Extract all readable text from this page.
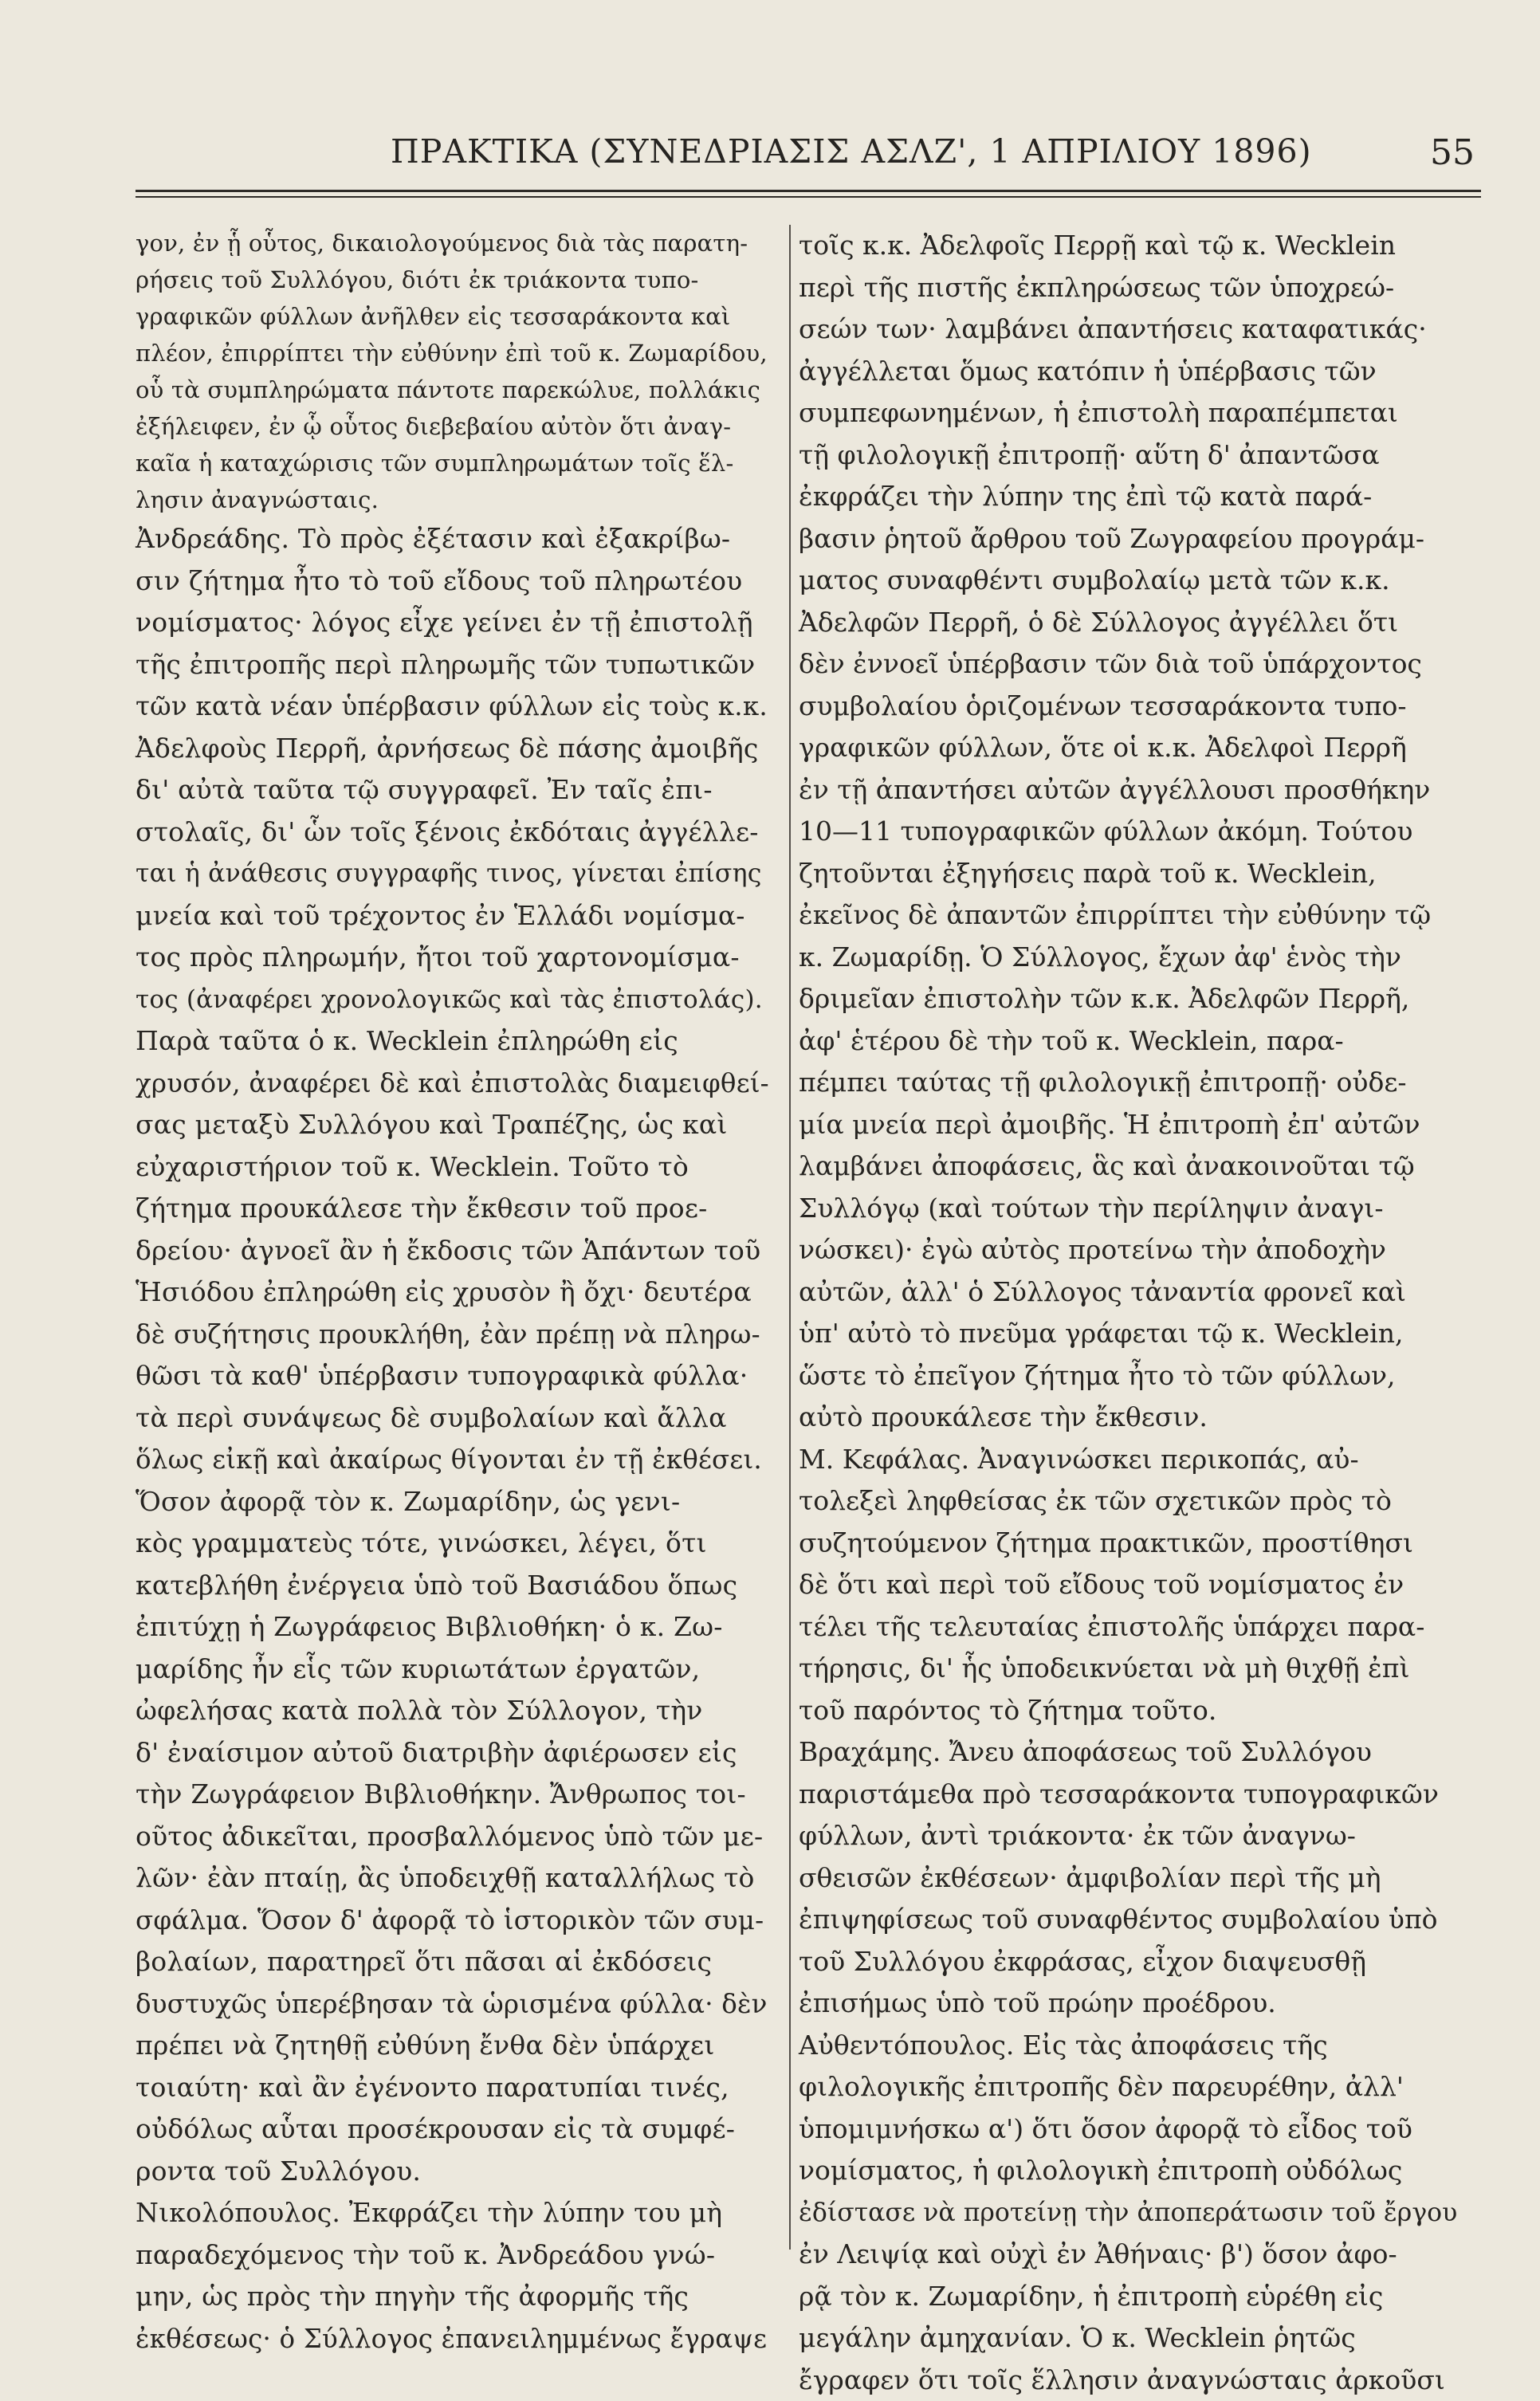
ΠΡΑΚΤΙΚΑ (ΣΥΝΕΔΡΙΑΣΙΣ ΑΣΛΖ', 1 ΑΠΡΙΛΙΟΥ 1896)	55
γον, ἐν ᾗ οὗτος, δικαιολογούμενος διὰ τὰς παρατη-
ρήσεις τοῦ Συλλόγου, διότι ἐκ τριάκοντα τυπο-
γραφικῶν φύλλων ἀνῆλθεν εἰς τεσσαράκοντα καὶ
πλέον, ἐπιρρίπτει τὴν εὐθύνην ἐπὶ τοῦ κ. Ζωμαρίδου,
οὗ τὰ συμπληρώματα πάντοτε παρεκώλυε, πολλάκις
ἐξήλειφεν, ἐν ᾧ οὗτος διεβεβαίου αὐτὸν ὅτι ἀναγ-
καῖα ἡ καταχώρισις τῶν συμπληρωμάτων τοῖς ἕλ-
λησιν ἀναγνώσταις.
Ἀνδρεάδης. Τὸ πρὸς ἐξέτασιν καὶ ἐξακρίβω-
σιν ζήτημα ἦτο τὸ τοῦ εἴδους τοῦ πληρωτέου
νομίσματος· λόγος εἶχε γείνει ἐν τῇ ἐπιστολῇ
τῆς ἐπιτροπῆς περὶ πληρωμῆς τῶν τυπωτικῶν
τῶν κατὰ νέαν ὑπέρβασιν φύλλων εἰς τοὺς κ.κ.
Ἀδελφοὺς Περρῆ, ἀρνήσεως δὲ πάσης ἀμοιβῆς
δι' αὐτὰ ταῦτα τῷ συγγραφεῖ. Ἐν ταῖς ἐπι-
στολαῖς, δι' ὧν τοῖς ξένοις ἐκδόταις ἀγγέλλε-
ται ἡ ἀνάθεσις συγγραφῆς τινος, γίνεται ἐπίσης
μνεία καὶ τοῦ τρέχοντος ἐν Ἑλλάδι νομίσμα-
τος πρὸς πληρωμήν, ἤτοι τοῦ χαρτονομίσμα-
τος (ἀναφέρει χρονολογικῶς καὶ τὰς ἐπιστολάς).
Παρὰ ταῦτα ὁ κ. Wecklein ἐπληρώθη εἰς
χρυσόν, ἀναφέρει δὲ καὶ ἐπιστολὰς διαμειφθεί-
σας μεταξὺ Συλλόγου καὶ Τραπέζης, ὡς καὶ
εὐχαριστήριον τοῦ κ. Wecklein. Τοῦτο τὸ
ζήτημα προυκάλεσε τὴν ἔκθεσιν τοῦ προε-
δρείου· ἀγνοεῖ ἂν ἡ ἔκδοσις τῶν Ἁπάντων τοῦ
Ἡσιόδου ἐπληρώθη εἰς χρυσὸν ἢ ὄχι· δευτέρα
δὲ συζήτησις προυκλήθη, ἐὰν πρέπῃ νὰ πληρω-
θῶσι τὰ καθ' ὑπέρβασιν τυπογραφικὰ φύλλα·
τὰ περὶ συνάψεως δὲ συμβολαίων καὶ ἄλλα
ὅλως εἰκῇ καὶ ἀκαίρως θίγονται ἐν τῇ ἐκθέσει.
Ὅσον ἀφορᾷ τὸν κ. Ζωμαρίδην, ὡς γενι-
κὸς γραμματεὺς τότε, γινώσκει, λέγει, ὅτι
κατεβλήθη ἐνέργεια ὑπὸ τοῦ Βασιάδου ὅπως
ἐπιτύχῃ ἡ Ζωγράφειος Βιβλιοθήκη· ὁ κ. Ζω-
μαρίδης ἦν εἷς τῶν κυριωτάτων ἐργατῶν,
ὠφελήσας κατὰ πολλὰ τὸν Σύλλογον, τὴν
δ' ἐναίσιμον αὐτοῦ διατριβὴν ἀφιέρωσεν εἰς
τὴν Ζωγράφειον Βιβλιοθήκην. Ἄνθρωπος τοι-
οῦτος ἀδικεῖται, προσβαλλόμενος ὑπὸ τῶν με-
λῶν· ἐὰν πταίῃ, ἂς ὑποδειχθῇ καταλλήλως τὸ
σφάλμα. Ὅσον δ' ἀφορᾷ τὸ ἱστορικὸν τῶν συμ-
βολαίων, παρατηρεῖ ὅτι πᾶσαι αἱ ἐκδόσεις
δυστυχῶς ὑπερέβησαν τὰ ὡρισμένα φύλλα· δὲν
πρέπει νὰ ζητηθῇ εὐθύνη ἔνθα δὲν ὑπάρχει
τοιαύτη· καὶ ἂν ἐγένοντο παρατυπίαι τινές,
οὐδόλως αὗται προσέκρουσαν εἰς τὰ συμφέ-
ροντα τοῦ Συλλόγου.
Νικολόπουλος. Ἐκφράζει τὴν λύπην του μὴ
παραδεχόμενος τὴν τοῦ κ. Ἀνδρεάδου γνώ-
μην, ὡς πρὸς τὴν πηγὴν τῆς ἀφορμῆς τῆς
ἐκθέσεως· ὁ Σύλλογος ἐπανειλημμένως ἔγραψε
τοῖς κ.κ. Ἀδελφοῖς Περρῇ καὶ τῷ κ. Wecklein
περὶ τῆς πιστῆς ἐκπληρώσεως τῶν ὑποχρεώ-
σεών των· λαμβάνει ἀπαντήσεις καταφατικάς·
ἀγγέλλεται ὅμως κατόπιν ἡ ὑπέρβασις τῶν
συμπεφωνημένων, ἡ ἐπιστολὴ παραπέμπεται
τῇ φιλολογικῇ ἐπιτροπῇ· αὕτη δ' ἀπαντῶσα
ἐκφράζει τὴν λύπην της ἐπὶ τῷ κατὰ παρά-
βασιν ῥητοῦ ἄρθρου τοῦ Ζωγραφείου προγράμ-
ματος συναφθέντι συμβολαίῳ μετὰ τῶν κ.κ.
Ἀδελφῶν Περρῆ, ὁ δὲ Σύλλογος ἀγγέλλει ὅτι
δὲν ἐννοεῖ ὑπέρβασιν τῶν διὰ τοῦ ὑπάρχοντος
συμβολαίου ὁριζομένων τεσσαράκοντα τυπο-
γραφικῶν φύλλων, ὅτε οἱ κ.κ. Ἀδελφοὶ Περρῆ
ἐν τῇ ἀπαντήσει αὐτῶν ἀγγέλλουσι προσθήκην
10—11 τυπογραφικῶν φύλλων ἀκόμη. Τούτου
ζητοῦνται ἐξηγήσεις παρὰ τοῦ κ. Wecklein,
ἐκεῖνος δὲ ἀπαντῶν ἐπιρρίπτει τὴν εὐθύνην τῷ
κ. Ζωμαρίδῃ. Ὁ Σύλλογος, ἔχων ἀφ' ἑνὸς τὴν
δριμεῖαν ἐπιστολὴν τῶν κ.κ. Ἀδελφῶν Περρῆ,
ἀφ' ἑτέρου δὲ τὴν τοῦ κ. Wecklein, παρα-
πέμπει ταύτας τῇ φιλολογικῇ ἐπιτροπῇ· οὐδε-
μία μνεία περὶ ἀμοιβῆς. Ἡ ἐπιτροπὴ ἐπ' αὐτῶν
λαμβάνει ἀποφάσεις, ἃς καὶ ἀνακοινοῦται τῷ
Συλλόγῳ (καὶ τούτων τὴν περίληψιν ἀναγι-
νώσκει)· ἐγὼ αὐτὸς προτείνω τὴν ἀποδοχὴν
αὐτῶν, ἀλλ' ὁ Σύλλογος τἀναντία φρονεῖ καὶ
ὑπ' αὐτὸ τὸ πνεῦμα γράφεται τῷ κ. Wecklein,
ὥστε τὸ ἐπεῖγον ζήτημα ἦτο τὸ τῶν φύλλων,
αὐτὸ προυκάλεσε τὴν ἔκθεσιν.
Μ. Κεφάλας. Ἀναγινώσκει περικοπάς, αὐ-
τολεξεὶ ληφθείσας ἐκ τῶν σχετικῶν πρὸς τὸ
συζητούμενον ζήτημα πρακτικῶν, προστίθησι
δὲ ὅτι καὶ περὶ τοῦ εἴδους τοῦ νομίσματος ἐν
τέλει τῆς τελευταίας ἐπιστολῆς ὑπάρχει παρα-
τήρησις, δι' ἧς ὑποδεικνύεται νὰ μὴ θιχθῇ ἐπὶ
τοῦ παρόντος τὸ ζήτημα τοῦτο.
Βραχάμης. Ἄνευ ἀποφάσεως τοῦ Συλλόγου
παριστάμεθα πρὸ τεσσαράκοντα τυπογραφικῶν
φύλλων, ἀντὶ τριάκοντα· ἐκ τῶν ἀναγνω-
σθεισῶν ἐκθέσεων· ἀμφιβολίαν περὶ τῆς μὴ
ἐπιψηφίσεως τοῦ συναφθέντος συμβολαίου ὑπὸ
τοῦ Συλλόγου ἐκφράσας, εἶχον διαψευσθῇ
ἐπισήμως ὑπὸ τοῦ πρώην προέδρου.
Αὐθεντόπουλος. Εἰς τὰς ἀποφάσεις τῆς
φιλολογικῆς ἐπιτροπῆς δὲν παρευρέθην, ἀλλ'
ὑπομιμνήσκω α') ὅτι ὅσον ἀφορᾷ τὸ εἶδος τοῦ
νομίσματος, ἡ φιλολογικὴ ἐπιτροπὴ οὐδόλως
ἐδίστασε νὰ προτείνῃ τὴν ἀποπεράτωσιν τοῦ ἔργου
ἐν Λειψίᾳ καὶ οὐχὶ ἐν Ἀθήναις· β') ὅσον ἀφο-
ρᾷ τὸν κ. Ζωμαρίδην, ἡ ἐπιτροπὴ εὑρέθη εἰς
μεγάλην ἀμηχανίαν. Ὁ κ. Wecklein ῥητῶς
ἔγραφεν ὅτι τοῖς ἕλλησιν ἀναγνώσταις ἀρκοῦσι
